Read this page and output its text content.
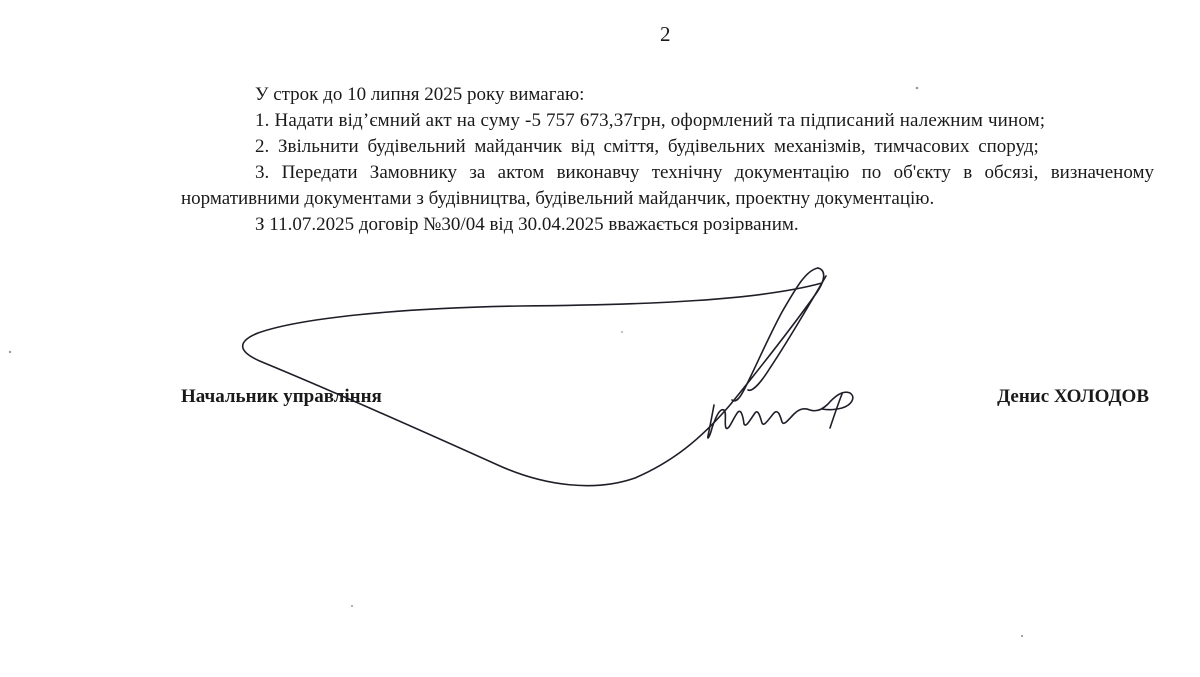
2

У строк до 10 липня 2025 року вимагаю:

1. Надати від’ємний акт на суму -5 757 673,37грн, оформлений та підписаний належним чином;

2. Звільнити будівельний майданчик від сміття, будівельних механізмів, тимчасових споруд;

3. Передати Замовнику за актом виконавчу технічну документацію по об'єкту в обсязі, визначеному нормативними документами з будівництва, будівельний майданчик, проектну документацію.

З 11.07.2025 договір №30/04 від 30.04.2025 вважається розірваним.

Начальник управління	Денис ХОЛОДОВ
